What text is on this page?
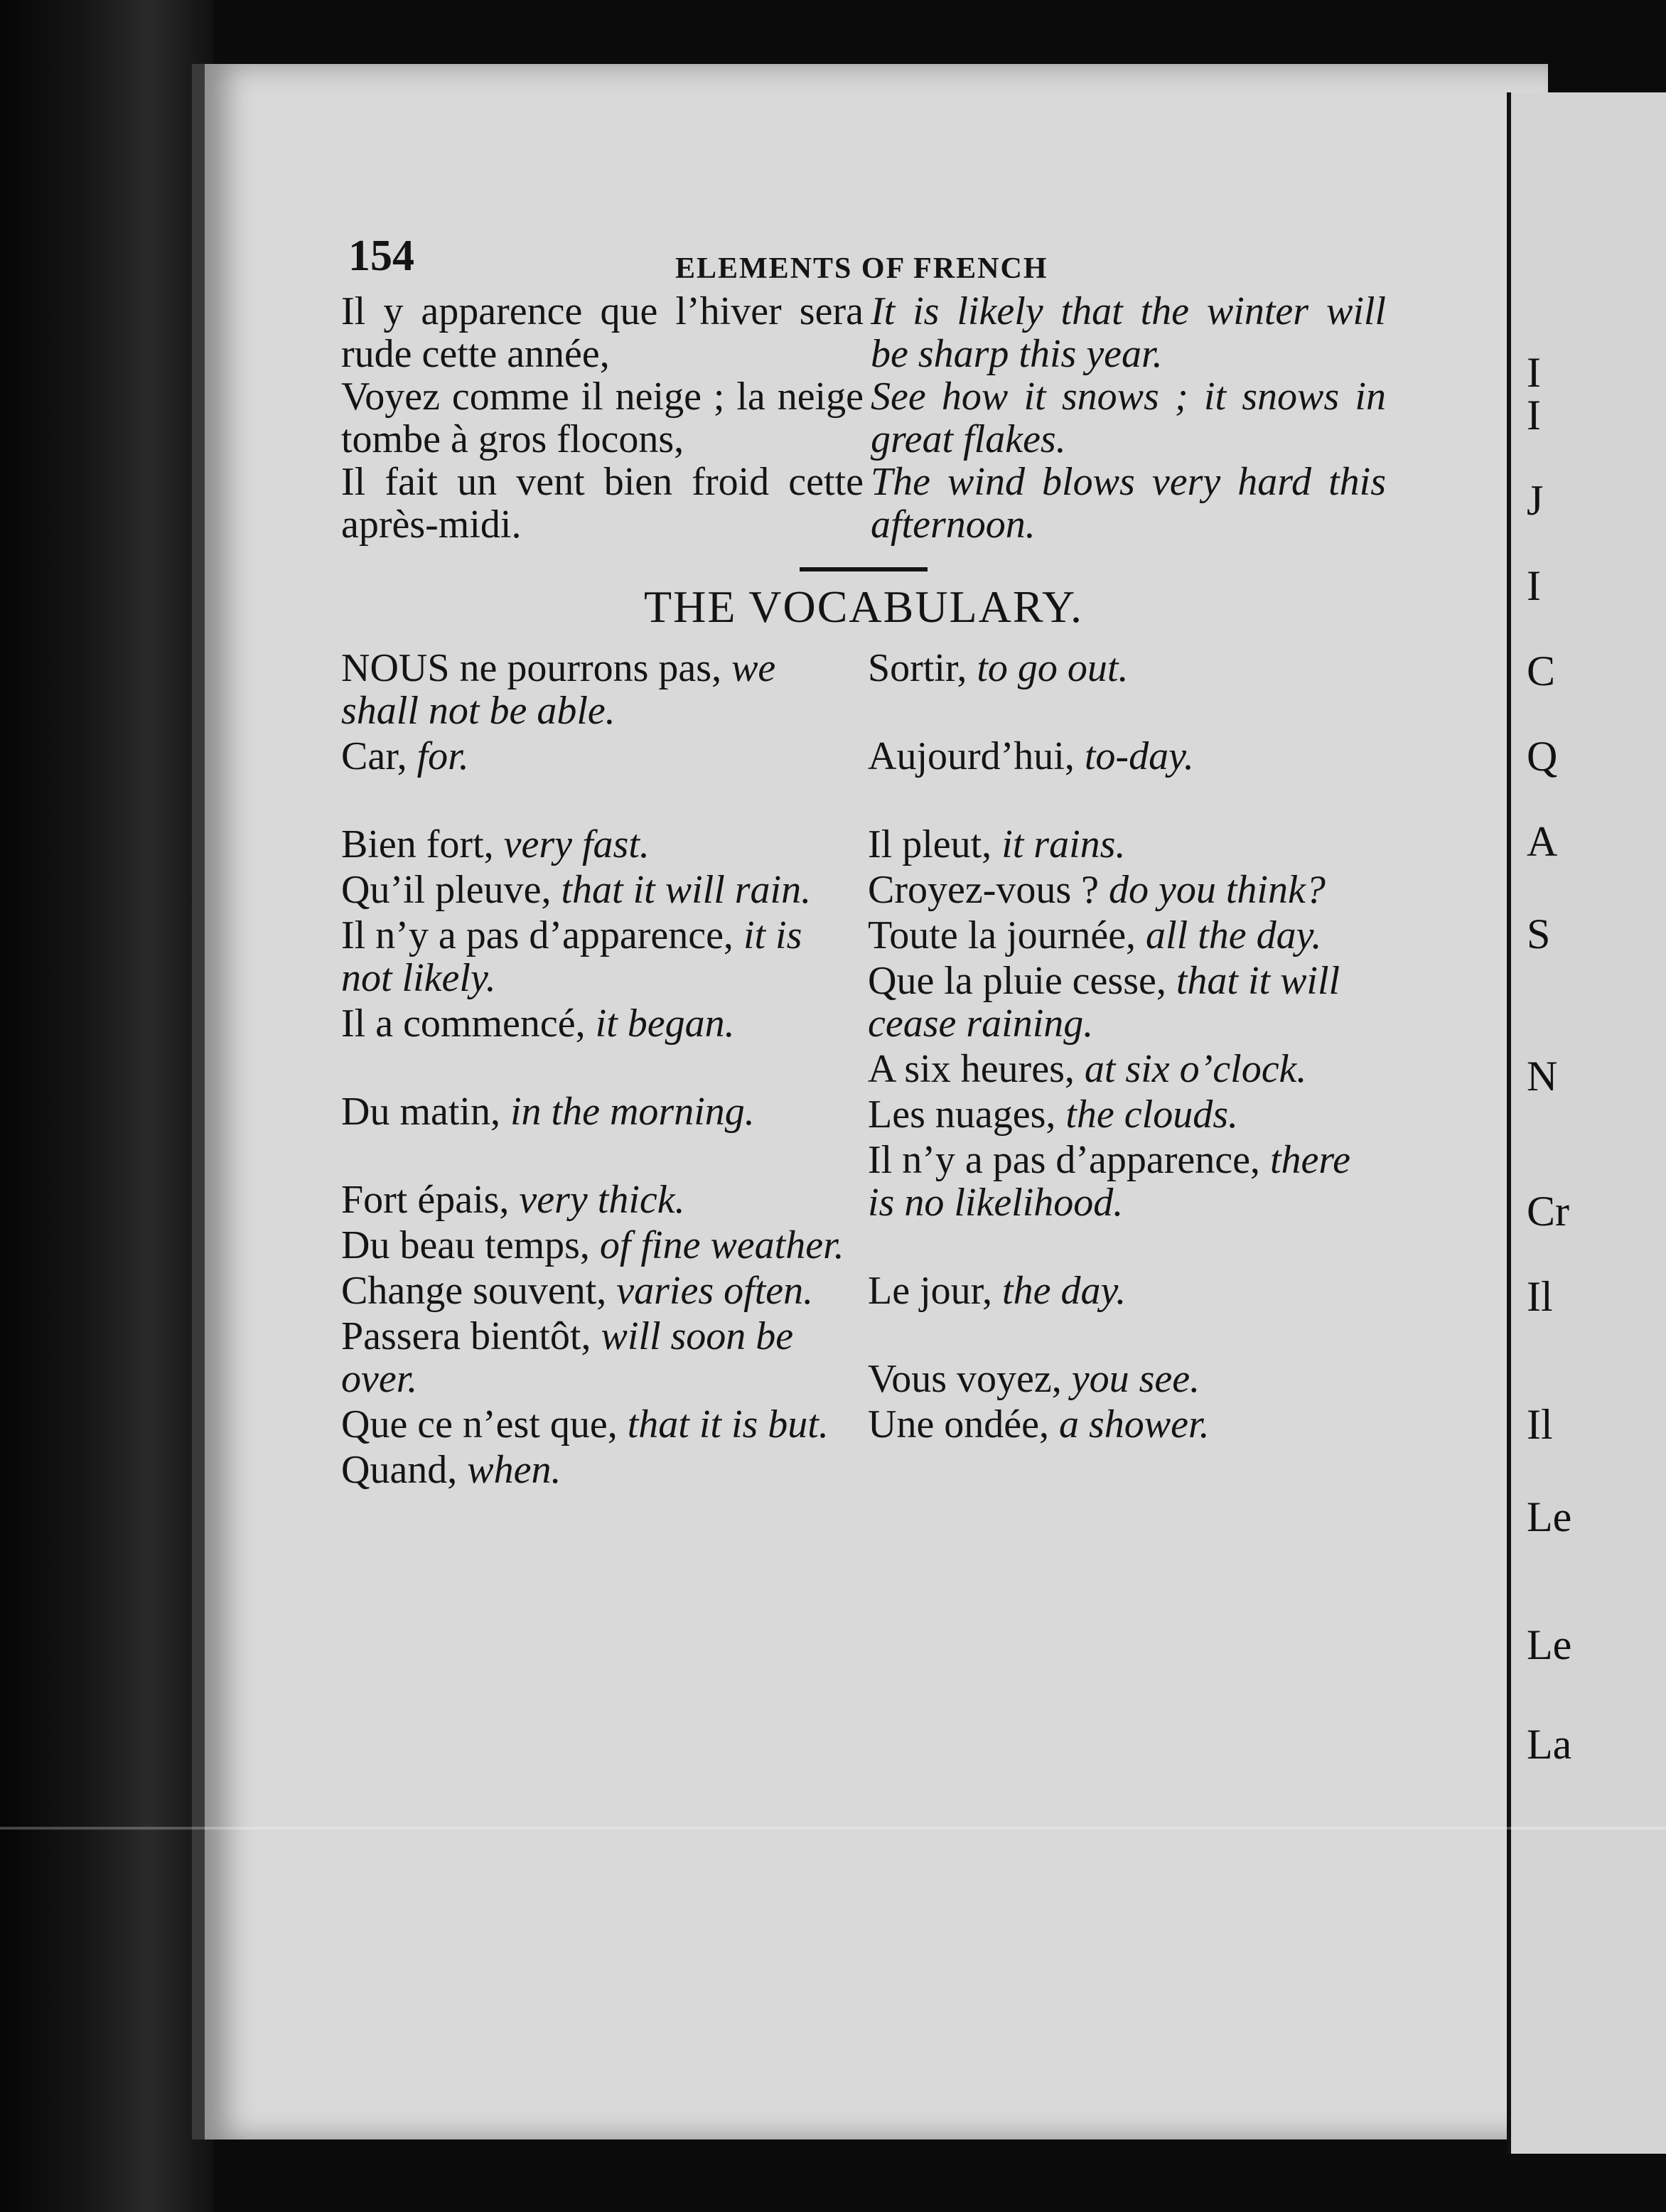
I
I
J
I
C
Q
A
S
N
Cr
Il
Il
Le
Le
La
154	ELEMENTS OF FRENCH
Il y apparence que l’hiver sera rude cette année,
It is likely that the winter will be sharp this year.
Voyez comme il neige ; la neige tombe à gros flocons,
See how it snows ; it snows in great flakes.
Il fait un vent bien froid cette après-midi.
The wind blows very hard this afternoon.
THE VOCABULARY.
NOUS ne pourrons pas, we shall not be able.
Car, for.
Bien fort, very fast.
Qu’il pleuve, that it will rain.
Il n’y a pas d’apparence, it is not likely.
Il a commencé, it began.
Du matin, in the morning.
Fort épais, very thick.
Du beau temps, of fine weather.
Change souvent, varies often.
Passera bientôt, will soon be over.
Que ce n’est que, that it is but.
Quand, when.
Sortir, to go out.
Aujourd’hui, to-day.
Il pleut, it rains.
Croyez-vous ? do you think?
Toute la journée, all the day.
Que la pluie cesse, that it will cease raining.
A six heures, at six o’clock.
Les nuages, the clouds.
Il n’y a pas d’apparence, there is no likelihood.
Le jour, the day.
Vous voyez, you see.
Une ondée, a shower.
